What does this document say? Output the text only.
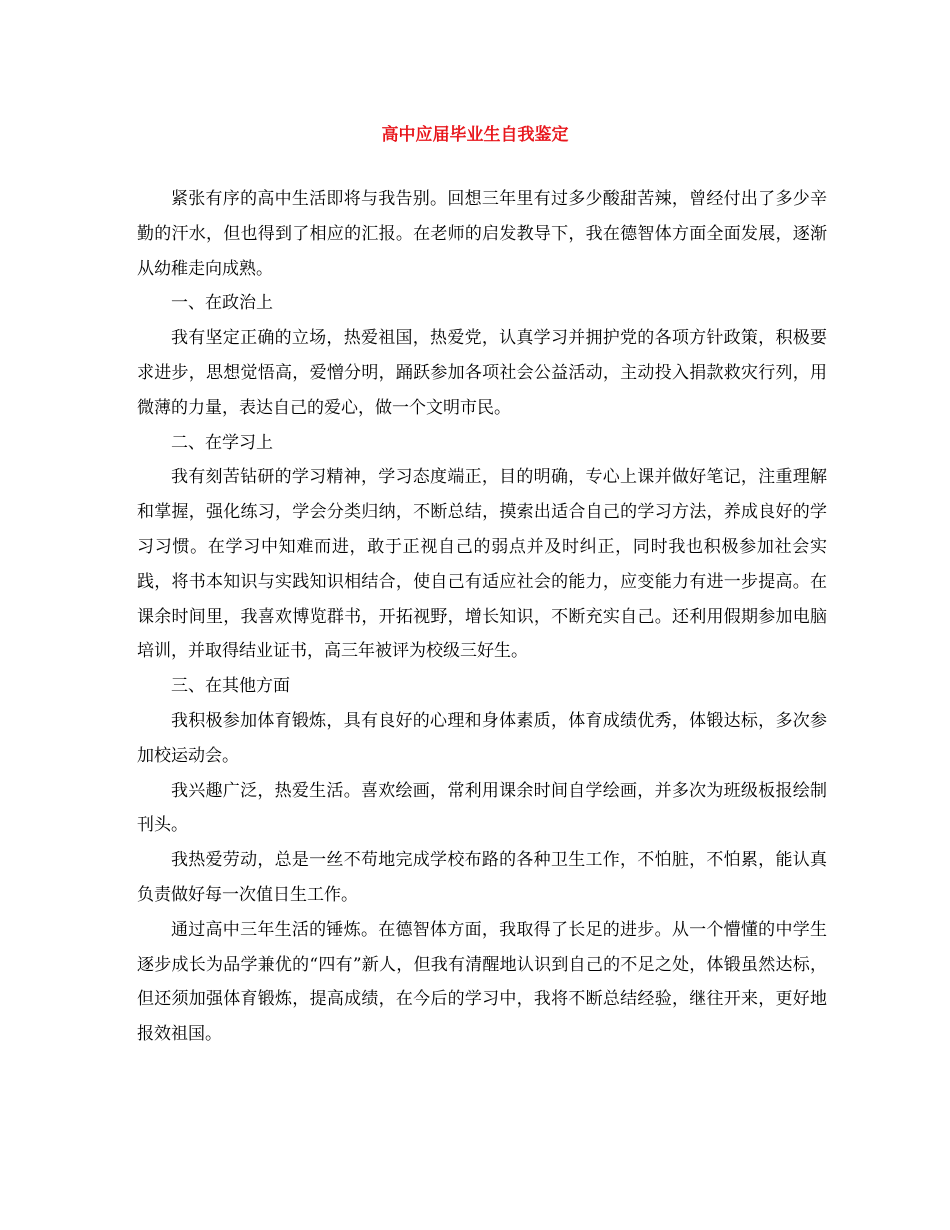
高中应届毕业生自我鉴定

紧张有序的高中生活即将与我告别。回想三年里有过多少酸甜苦辣，曾经付出了多少辛勤的汗水，但也得到了相应的汇报。在老师的启发教导下，我在德智体方面全面发展，逐渐从幼稚走向成熟。

一、在政治上

我有坚定正确的立场，热爱祖国，热爱党，认真学习并拥护党的各项方针政策，积极要求进步，思想觉悟高，爱憎分明，踊跃参加各项社会公益活动，主动投入捐款救灾行列，用微薄的力量，表达自己的爱心，做一个文明市民。

二、在学习上

我有刻苦钻研的学习精神，学习态度端正，目的明确，专心上课并做好笔记，注重理解和掌握，强化练习，学会分类归纳，不断总结，摸索出适合自己的学习方法，养成良好的学习习惯。在学习中知难而进，敢于正视自己的弱点并及时纠正，同时我也积极参加社会实践，将书本知识与实践知识相结合，使自己有适应社会的能力，应变能力有进一步提高。在课余时间里，我喜欢博览群书，开拓视野，增长知识，不断充实自己。还利用假期参加电脑培训，并取得结业证书，高三年被评为校级三好生。

三、在其他方面

我积极参加体育锻炼，具有良好的心理和身体素质，体育成绩优秀，体锻达标，多次参加校运动会。

我兴趣广泛，热爱生活。喜欢绘画，常利用课余时间自学绘画，并多次为班级板报绘制刊头。

我热爱劳动，总是一丝不苟地完成学校布路的各种卫生工作，不怕脏，不怕累，能认真负责做好每一次值日生工作。

通过高中三年生活的锤炼。在德智体方面，我取得了长足的进步。从一个懵懂的中学生逐步成长为品学兼优的“四有”新人，但我有清醒地认识到自己的不足之处，体锻虽然达标，但还须加强体育锻炼，提高成绩，在今后的学习中，我将不断总结经验，继往开来，更好地报效祖国。
